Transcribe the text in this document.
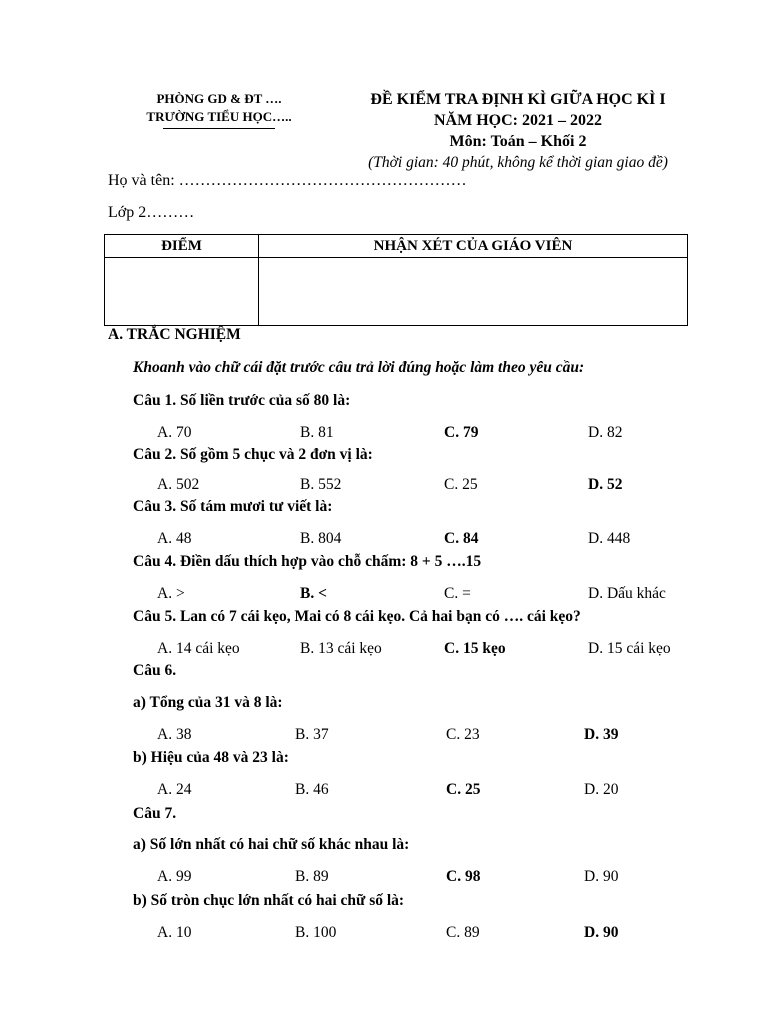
PHÒNG GD & ĐT ….
TRƯỜNG TIỂU HỌC…..
ĐỀ KIỂM TRA ĐỊNH KÌ GIỮA HỌC KÌ I
NĂM HỌC: 2021 – 2022
Môn: Toán – Khối 2
(Thời gian: 40 phút, không kể thời gian giao đề)
Họ và tên: ………………………………………………
Lớp 2………
ĐIỂM	NHẬN XÉT CỦA GIÁO VIÊN

A. TRẮC NGHIỆM
Khoanh vào chữ cái đặt trước câu trả lời đúng hoặc làm theo yêu cầu:
Câu 1. Số liền trước của số 80 là:
A. 70	B. 81	C. 79	D. 82
Câu 2. Số gồm 5 chục và 2 đơn vị là:
A. 502	B. 552	C. 25	D. 52
Câu 3. Số tám mươi tư viết là:
A. 48	B. 804	C. 84	D. 448
Câu 4. Điền dấu thích hợp vào chỗ chấm: 8 + 5 ….15
A. >	B. <	C. =	D. Dấu khác
Câu 5. Lan có 7 cái kẹo, Mai có 8 cái kẹo. Cả hai bạn có …. cái kẹo?
A. 14 cái kẹo	B. 13 cái kẹo	C. 15 kẹo	D. 15 cái kẹo
Câu 6.
a) Tổng của 31 và 8 là:
A. 38	B. 37	C. 23	D. 39
b) Hiệu của 48 và 23 là:
A. 24	B. 46	C. 25	D. 20
Câu 7.
a) Số lớn nhất có hai chữ số khác nhau là:
A. 99	B. 89	C. 98	D. 90
b) Số tròn chục lớn nhất có hai chữ số là:
A. 10	B. 100	C. 89	D. 90
